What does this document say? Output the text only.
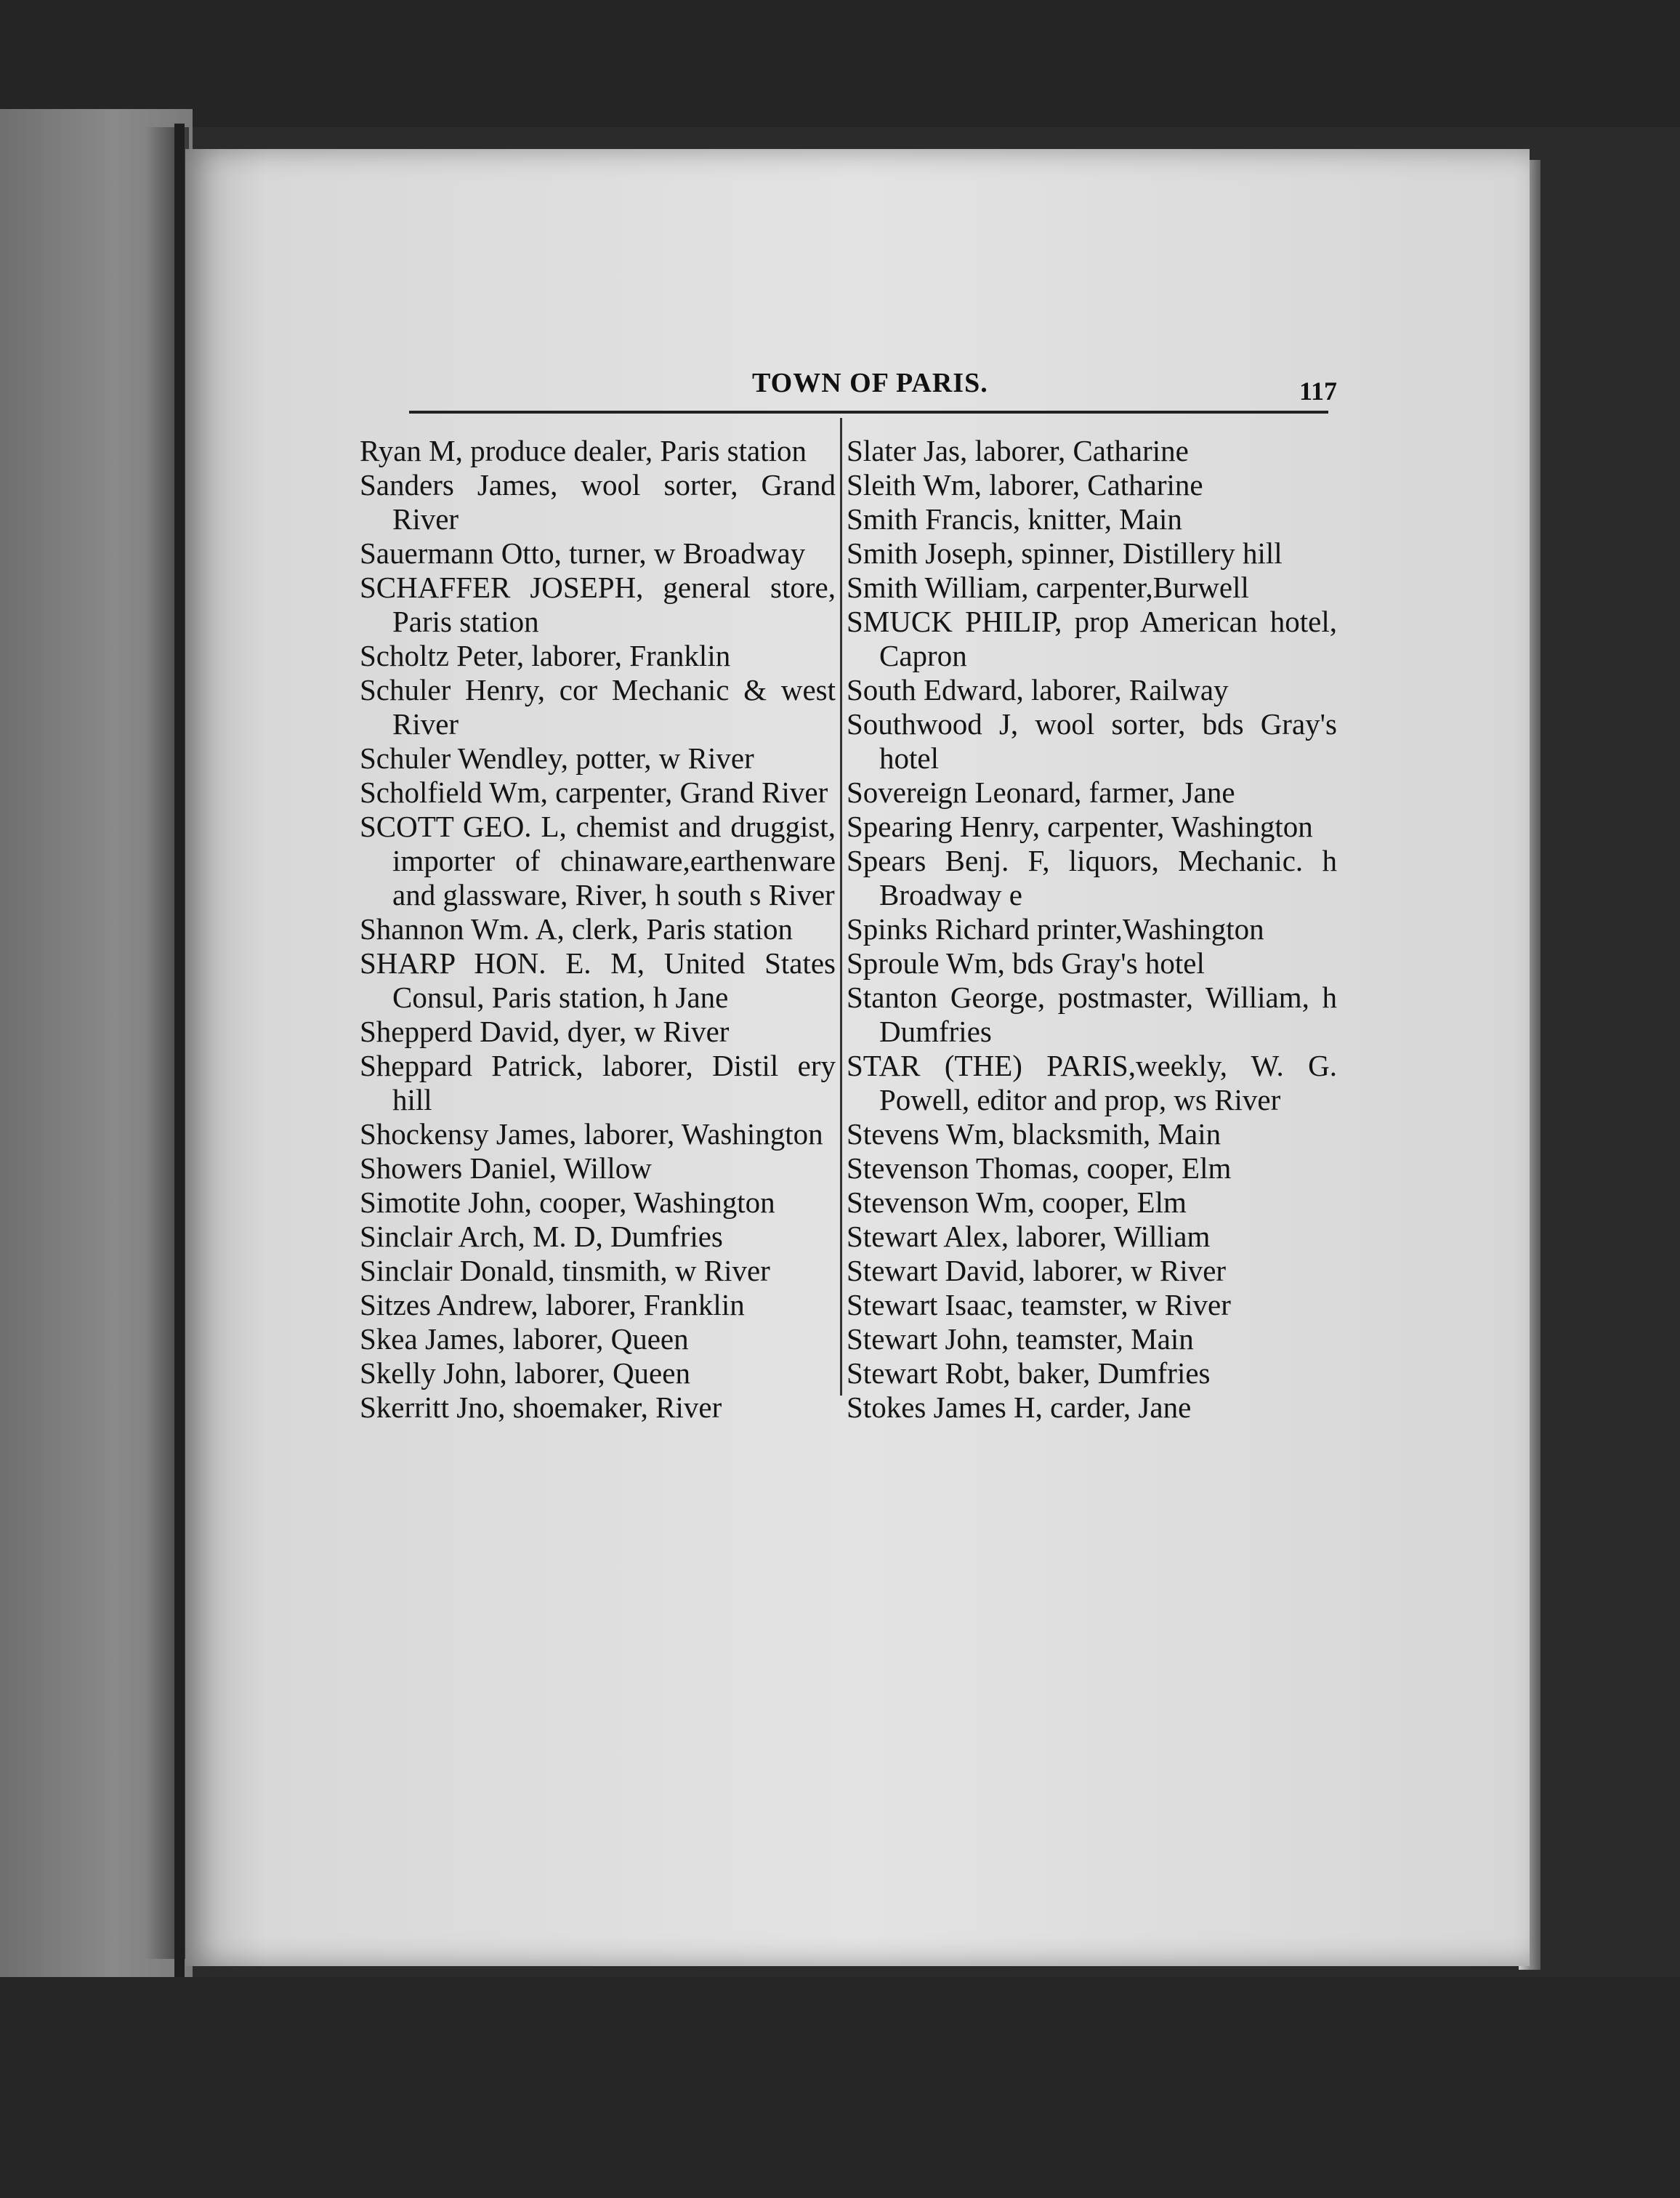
TOWN OF PARIS.	117

Ryan M, produce dealer, Paris station

Sanders James, wool sorter, Grand River

Sauermann Otto, turner, w Broadway

SCHAFFER JOSEPH, general store, Paris station

Scholtz Peter, laborer, Franklin

Schuler Henry, cor Mechanic & west River

Schuler Wendley, potter, w River

Scholfield Wm, carpenter, Grand River

SCOTT GEO. L, chemist and druggist, importer of chinaware,earthenware and glassware, River, h south s River

Shannon Wm. A, clerk, Paris station

SHARP HON. E. M, United States Consul, Paris station, h Jane

Shepperd David, dyer, w River

Sheppard Patrick, laborer, Distil ery hill

Shockensy James, laborer, Washington

Showers Daniel, Willow

Simotite John, cooper, Washington

Sinclair Arch, M. D, Dumfries

Sinclair Donald, tinsmith, w River

Sitzes Andrew, laborer, Franklin

Skea James, laborer, Queen

Skelly John, laborer, Queen

Skerritt Jno, shoemaker, River

Slater Jas, laborer, Catharine

Sleith Wm, laborer, Catharine

Smith Francis, knitter, Main

Smith Joseph, spinner, Distillery hill

Smith William, carpenter,Burwell

SMUCK PHILIP, prop American hotel, Capron

South Edward, laborer, Railway

Southwood J, wool sorter, bds Gray's hotel

Sovereign Leonard, farmer, Jane

Spearing Henry, carpenter, Washington

Spears Benj. F, liquors, Mechanic. h Broadway e

Spinks Richard printer,Washington

Sproule Wm, bds Gray's hotel

Stanton George, postmaster, William, h Dumfries

STAR (THE) PARIS,weekly, W. G. Powell, editor and prop, ws River

Stevens Wm, blacksmith, Main

Stevenson Thomas, cooper, Elm

Stevenson Wm, cooper, Elm

Stewart Alex, laborer, William

Stewart David, laborer, w River

Stewart Isaac, teamster, w River

Stewart John, teamster, Main

Stewart Robt, baker, Dumfries

Stokes James H, carder, Jane
